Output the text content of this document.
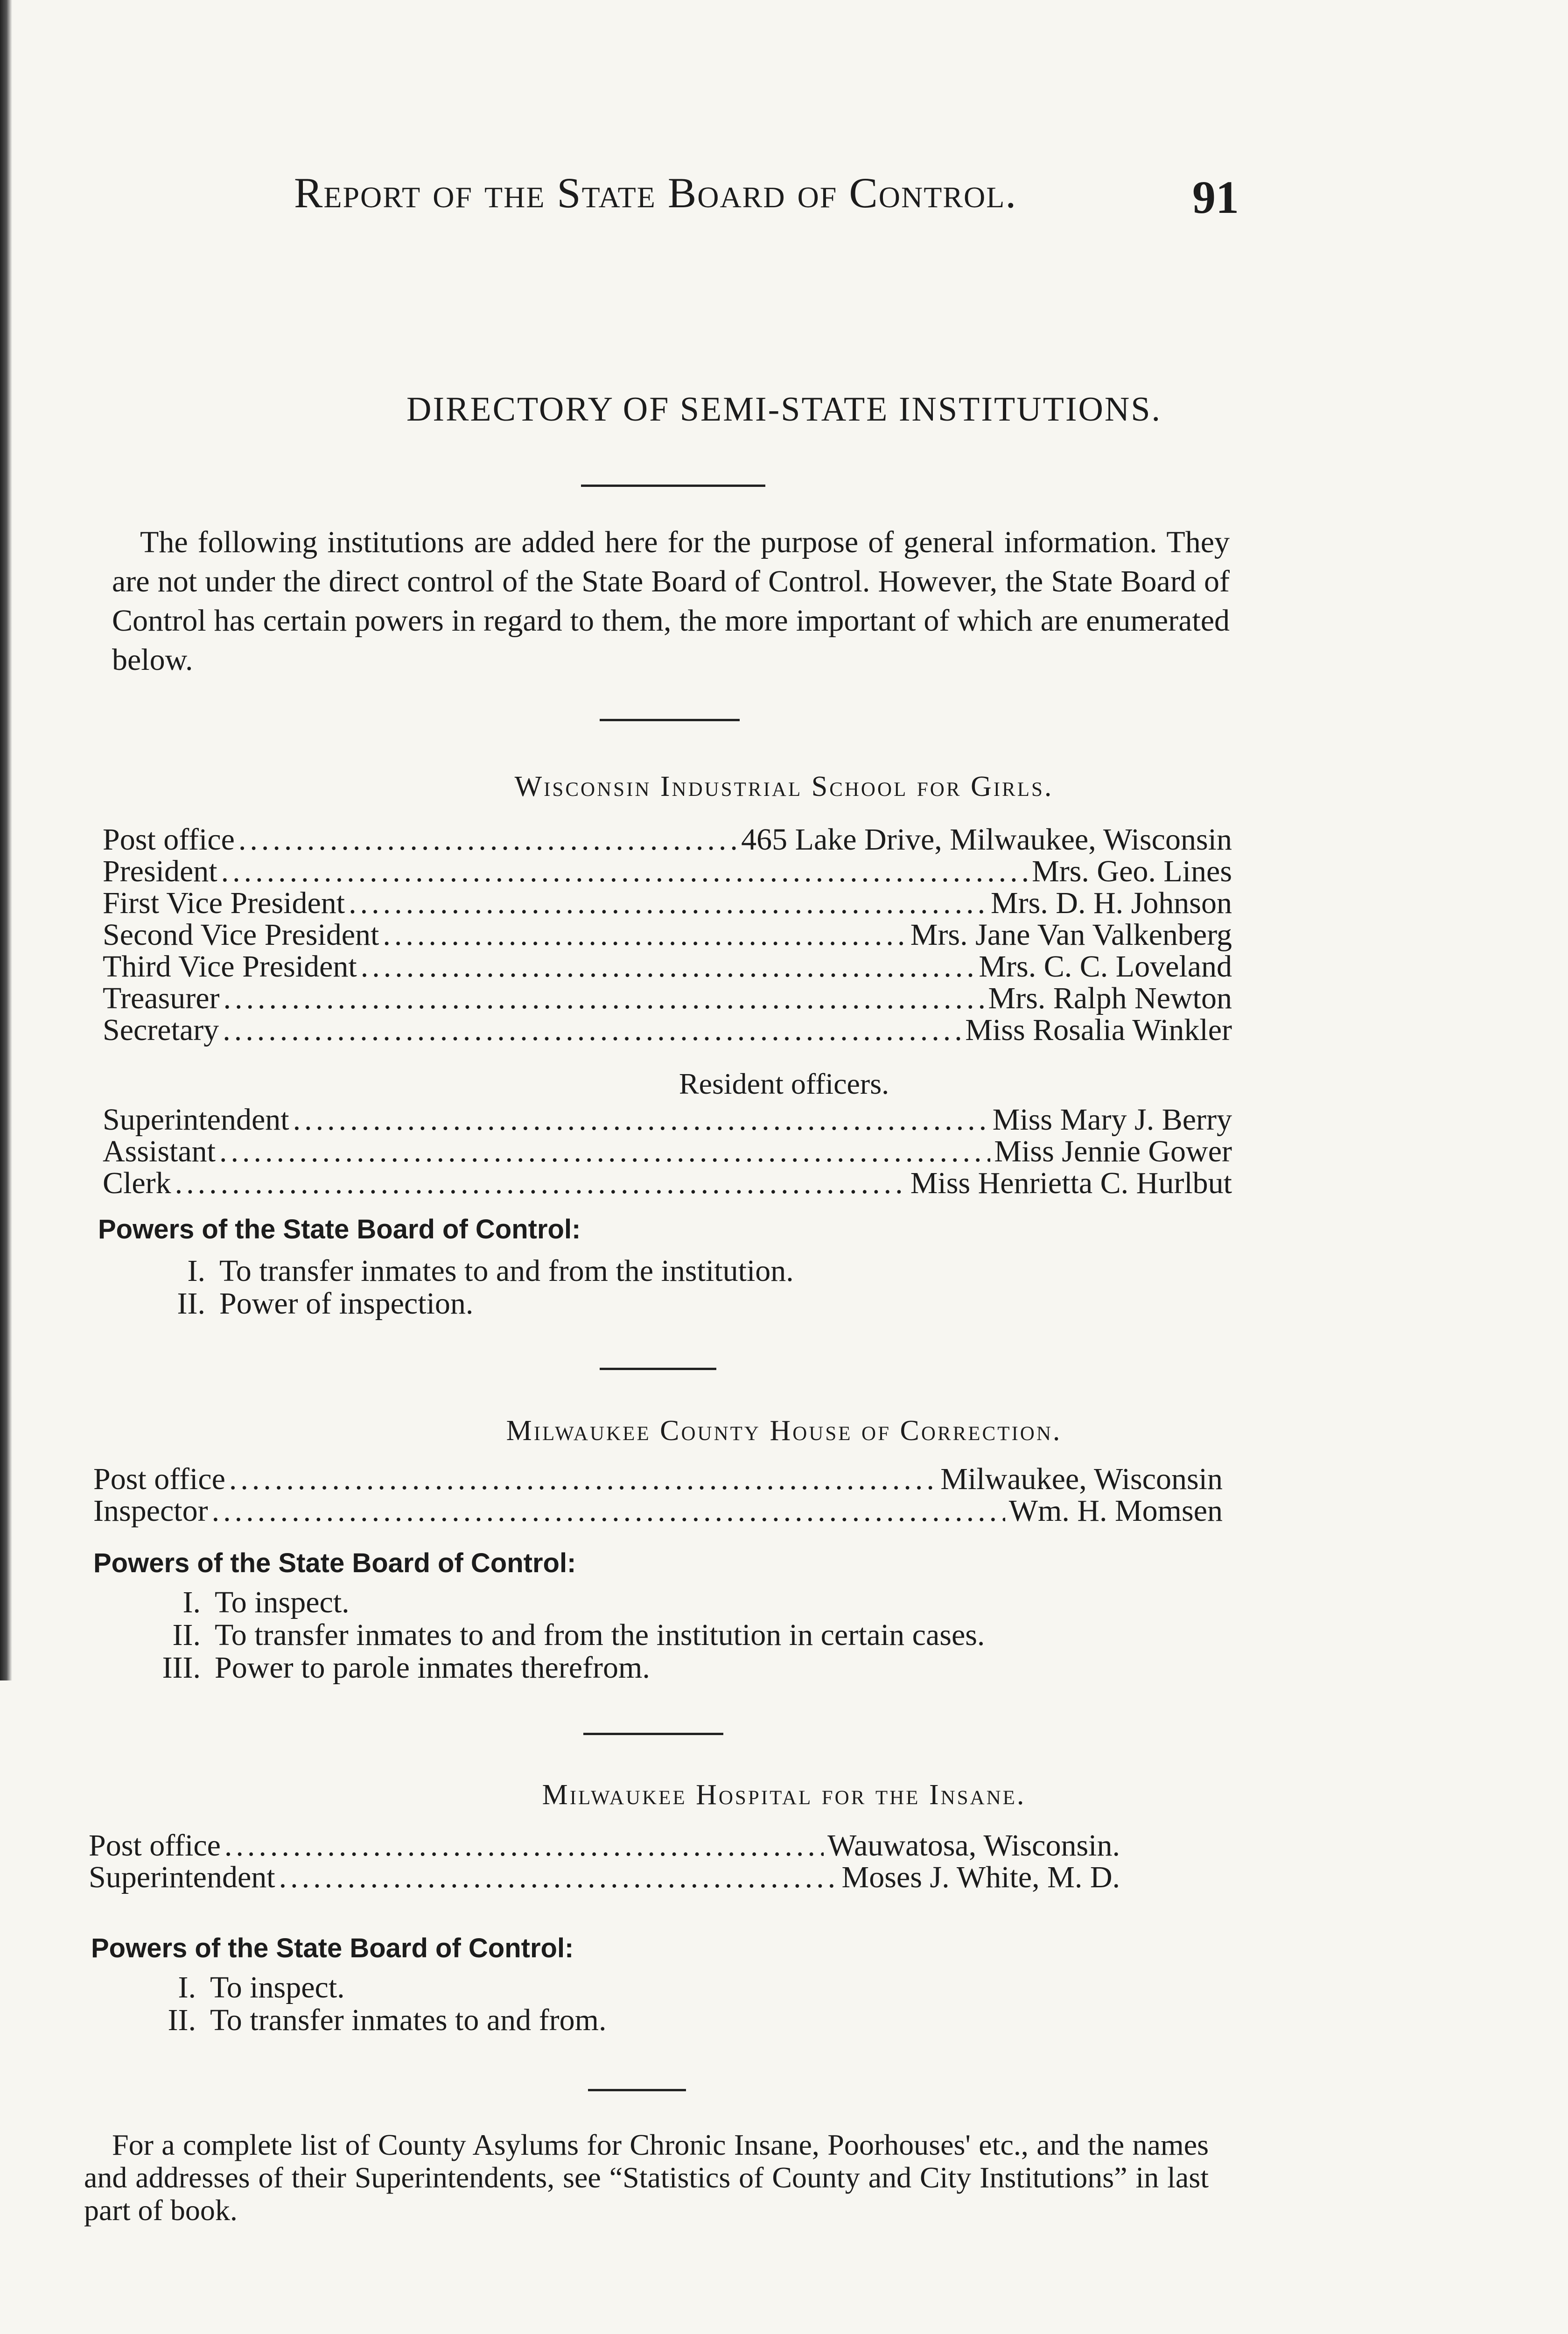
Report of the State Board of Control.	91
DIRECTORY OF SEMI-STATE INSTITUTIONS.

The following institutions are added here for the purpose of general information. They are not under the direct control of the State Board of Control. However, the State Board of Control has certain powers in regard to them, the more important of which are enumerated below.

Wisconsin Industrial School for Girls.
Post office .....	465 Lake Drive, Milwaukee, Wisconsin
President .....	Mrs. Geo. Lines
First Vice President .....	Mrs. D. H. Johnson
Second Vice President .....	Mrs. Jane Van Valkenberg
Third Vice President .....	Mrs. C. C. Loveland
Treasurer .....	Mrs. Ralph Newton
Secretary .....	Miss Rosalia Winkler
Resident officers.
Superintendent .....	Miss Mary J. Berry
Assistant .....	Miss Jennie Gower
Clerk .....	Miss Henrietta C. Hurlbut
Powers of the State Board of Control:
I. To transfer inmates to and from the institution.
II. Power of inspection.
Milwaukee County House of Correction.
Post office .....	Milwaukee, Wisconsin
Inspector .....	Wm. H. Momsen
Powers of the State Board of Control:
I. To inspect.
II. To transfer inmates to and from the institution in certain cases.
III. Power to parole inmates therefrom.
Milwaukee Hospital for the Insane.
Post office .....	Wauwatosa, Wisconsin.
Superintendent .....	Moses J. White, M. D.
Powers of the State Board of Control:
I. To inspect.
II. To transfer inmates to and from.

For a complete list of County Asylums for Chronic Insane, Poorhouses' etc., and the names and addresses of their Superintendents, see “Statistics of County and City Institutions” in last part of book.
